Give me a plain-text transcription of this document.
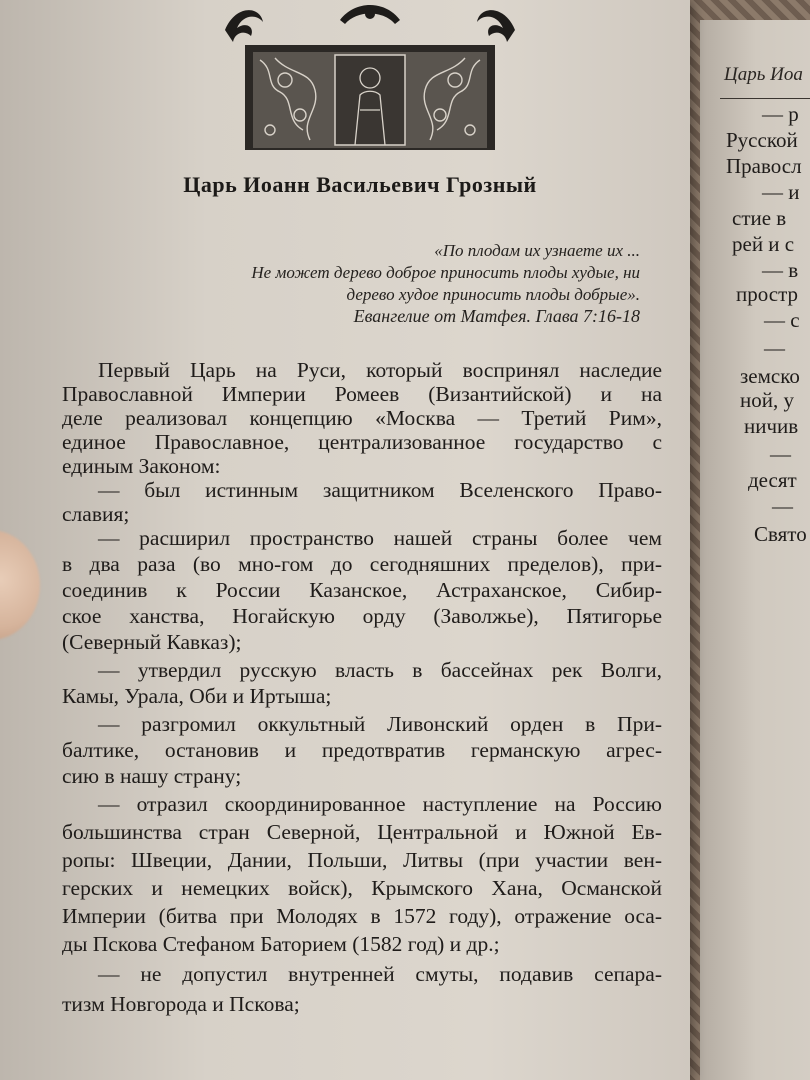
Царь Иоа
— р
Русской
Правосл
— и
стие в
рей и с
— в
простр
— с
—
земско
ной, у
ничив
—
десят
—
Свято
Царь Иоанн Васильевич Грозный
«По плодам их узнаете их ...
Не может дерево доброе приносить плоды худые, ни
дерево худое приносить плоды добрые».
Евангелие от Матфея. Глава 7:16-18
Первый Царь на Руси, который воспринял наследие
Православной Империи Ромеев (Византийской) и на
деле реализовал концепцию «Москва — Третий Рим»,
единое Православное, централизованное государство с
единым Законом:
— был истинным защитником Вселенского Право-
славия;
— расширил пространство нашей страны более чем
в два раза (во мно-гом до сегодняшних пределов), при-
соединив к России Казанское, Астраханское, Сибир-
ское ханства, Ногайскую орду (Заволжье), Пятигорье
(Северный Кавказ);
— утвердил русскую власть в бассейнах рек Волги,
Камы, Урала, Оби и Иртыша;
— разгромил оккультный Ливонский орден в При-
балтике, остановив и предотвратив германскую агрес-
сию в нашу страну;
— отразил скоординированное наступление на Россию
большинства стран Северной, Центральной и Южной Ев-
ропы: Швеции, Дании, Польши, Литвы (при участии вен-
герских и немецких войск), Крымского Хана, Османской
Империи (битва при Молодях в 1572 году), отражение оса-
ды Пскова Стефаном Баторием (1582 год) и др.;
— не допустил внутренней смуты, подавив сепара-
тизм Новгорода и Пскова;
